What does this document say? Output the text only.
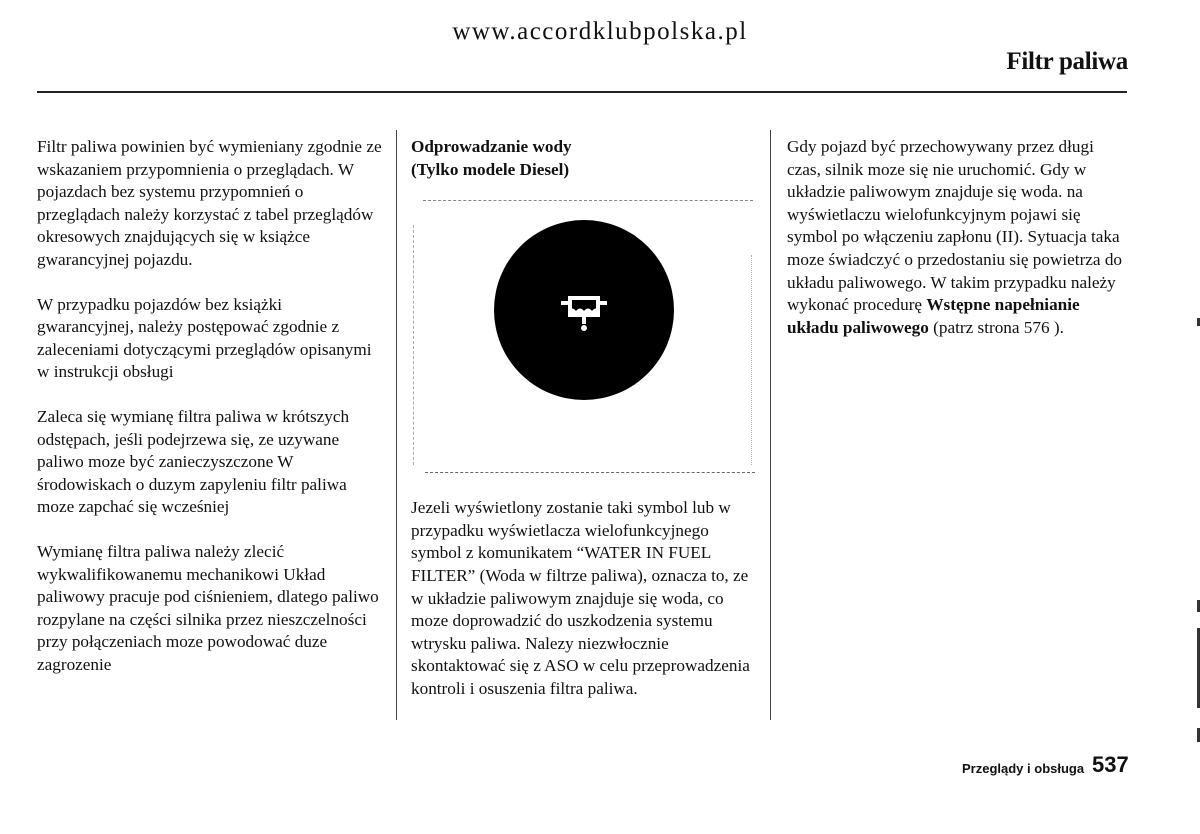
www.accordklubpolska.pl
Filtr paliwa

Filtr paliwa powinien być wymieniany zgodnie ze wskazaniem przypomnienia o przeglądach. W pojazdach bez systemu przypomnień o przeglądach należy korzystać z tabel przeglądów okresowych znajdujących się w książce gwarancyjnej pojazdu.

W przypadku pojazdów bez książki gwarancyjnej, należy postępować zgodnie z zaleceniami dotyczącymi przeglądów opisanymi w instrukcji obsługi

Zaleca się wymianę filtra paliwa w krótszych odstępach, jeśli podejrzewa się, ze uzywane paliwo moze być zanieczyszczone W środowiskach o duzym zapyleniu filtr paliwa moze zapchać się wcześniej

Wymianę filtra paliwa należy zlecić wykwalifikowanemu mechanikowi Układ paliwowy pracuje pod ciśnieniem, dlatego paliwo rozpylane na części silnika przez nieszczelności przy połączeniach moze powodować duze zagrozenie

Odprowadzanie wody
(Tylko modele Diesel)

Jezeli wyświetlony zostanie taki symbol lub w przypadku wyświetlacza wielofunkcyjnego symbol z komunikatem “WATER IN FUEL FILTER” (Woda w filtrze paliwa), oznacza to, ze w układzie paliwowym znajduje się woda, co moze doprowadzić do uszkodzenia systemu wtrysku paliwa. Nalezy niezwłocznie skontaktować się z ASO w celu przeprowadzenia kontroli i osuszenia filtra paliwa.

Gdy pojazd być przechowywany przez długi czas, silnik moze się nie uruchomić. Gdy w układzie paliwowym znajduje się woda. na wyświetlaczu wielofunkcyjnym pojawi się symbol po włączeniu zapłonu (II). Sytuacja taka moze świadczyć o przedostaniu się powietrza do układu paliwowego. W takim przypadku należy wykonać procedurę Wstępne napełnianie układu paliwowego (patrz strona 576 ).

Przeglądy i obsługa 537
